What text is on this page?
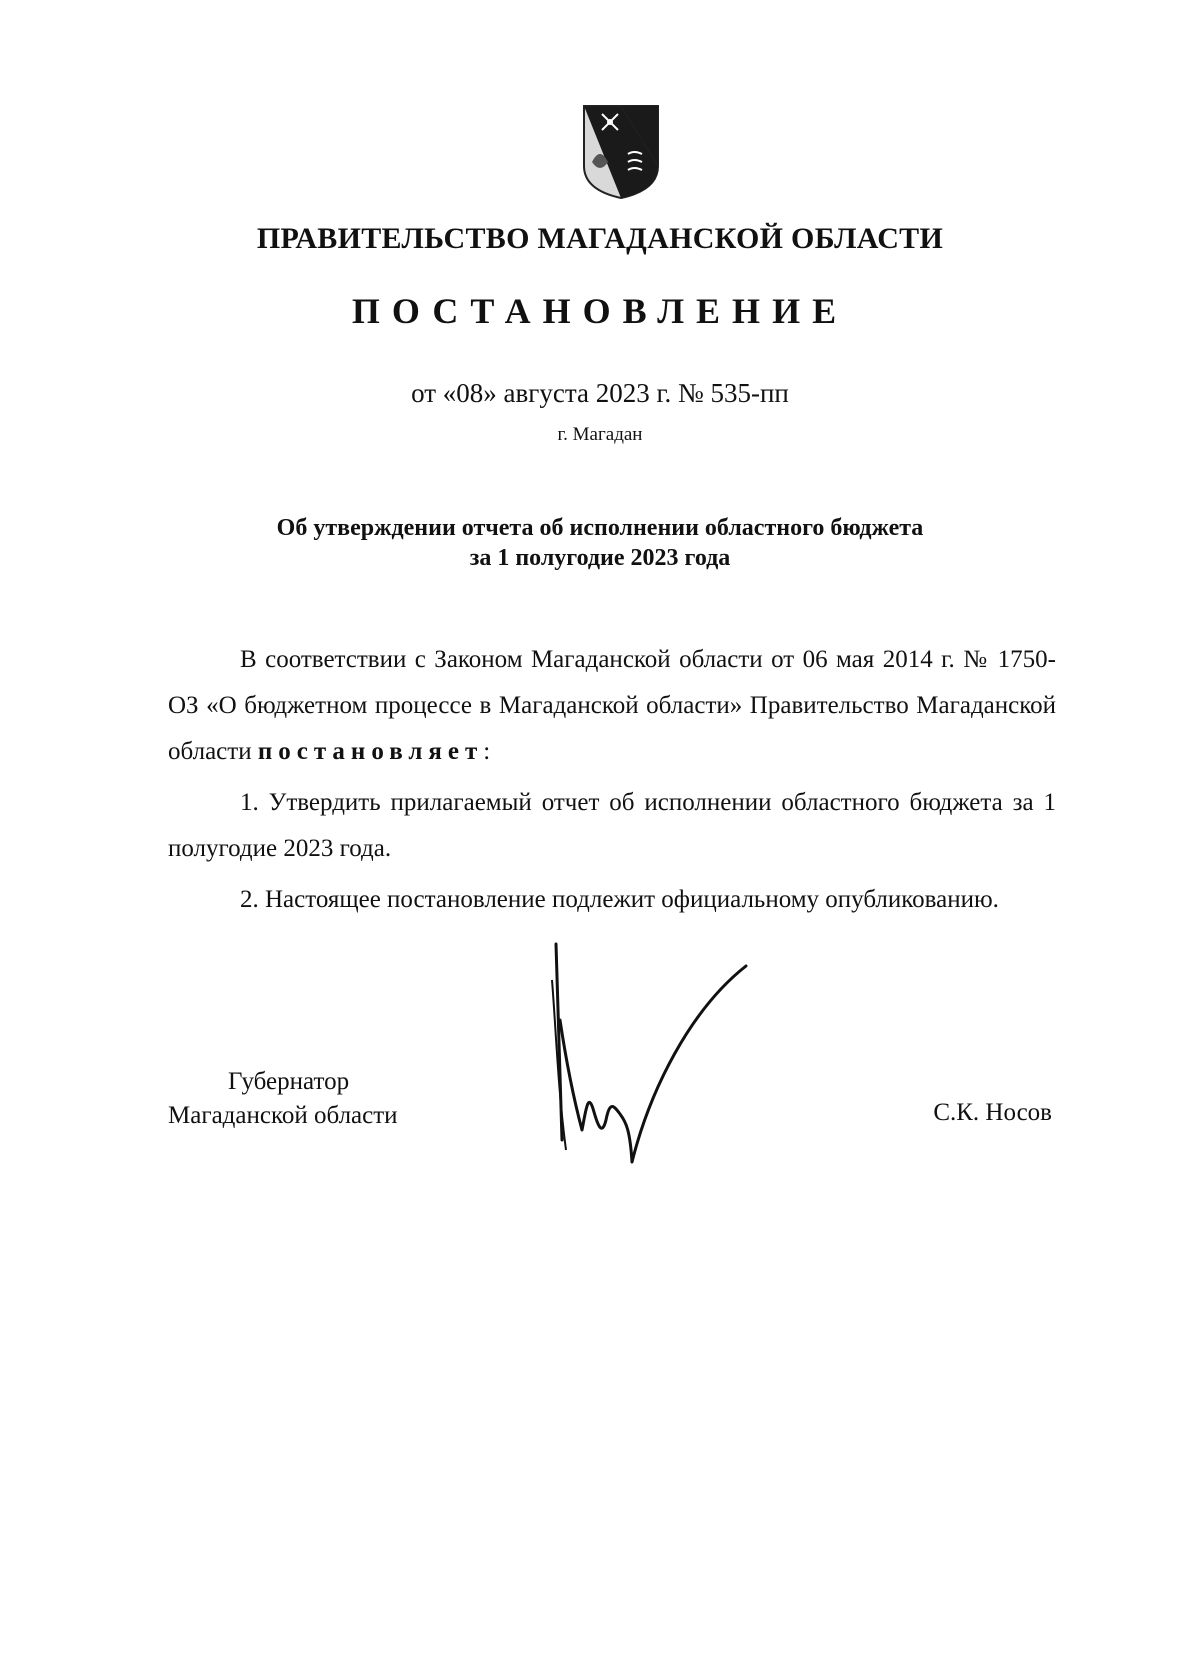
ПРАВИТЕЛЬСТВО МАГАДАНСКОЙ ОБЛАСТИ
ПОСТАНОВЛЕНИЕ
от «08» августа 2023 г. № 535-пп
г. Магадан
Об утверждении отчета об исполнении областного бюджета
за 1 полугодие 2023 года

В соответствии с Законом Магаданской области от 06 мая 2014 г. № 1750-ОЗ «О бюджетном процессе в Магаданской области» Правительство Магаданской области постановляет:

1. Утвердить прилагаемый отчет об исполнении областного бюджета за 1 полугодие 2023 года.

2. Настоящее постановление подлежит официальному опубликованию.

Губернатор
Магаданской области	С.К. Носов
